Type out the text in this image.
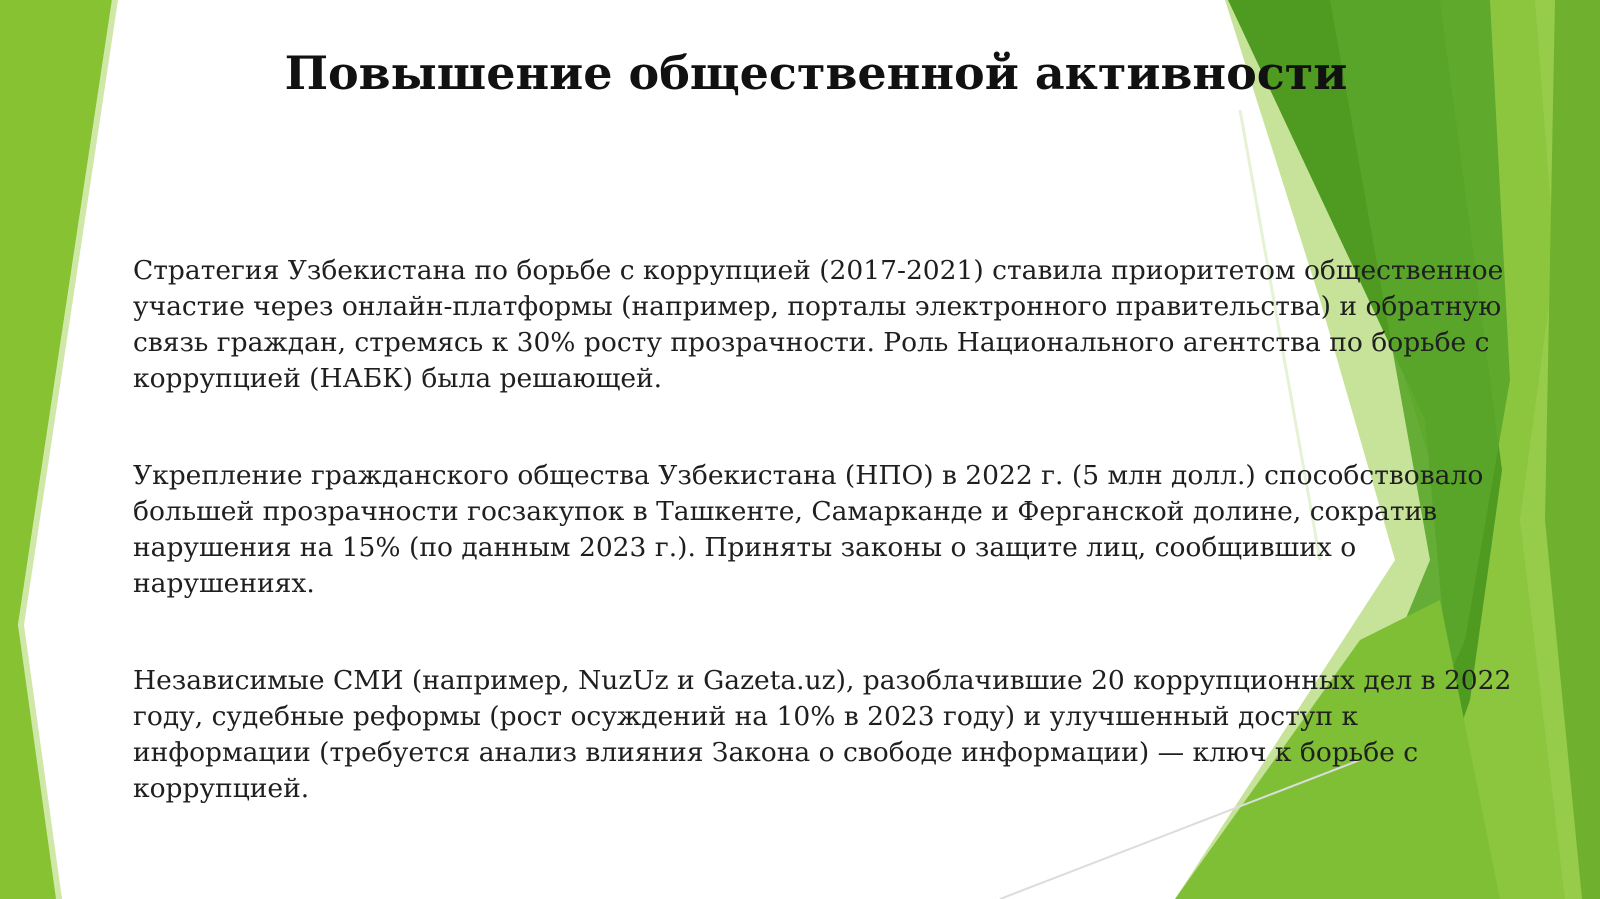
Повышение общественной активности

Стратегия Узбекистана по борьбе с коррупцией (2017-2021) ставила приоритетом общественное участие через онлайн-платформы (например, порталы электронного правительства) и обратную связь граждан, стремясь к 30% росту прозрачности. Роль Национального агентства по борьбе с коррупцией (НАБК) была решающей.

Укрепление гражданского общества Узбекистана (НПО) в 2022 г. (5 млн долл.) способствовало большей прозрачности госзакупок в Ташкенте, Самарканде и Ферганской долине, сократив нарушения на 15% (по данным 2023 г.). Приняты законы о защите лиц, сообщивших о нарушениях.

Независимые СМИ (например, NuzUz и Gazeta.uz), разоблачившие 20 коррупционных дел в 2022 году, судебные реформы (рост осуждений на 10% в 2023 году) и улучшенный доступ к информации (требуется анализ влияния Закона о свободе информации) — ключ к борьбе с коррупцией.
